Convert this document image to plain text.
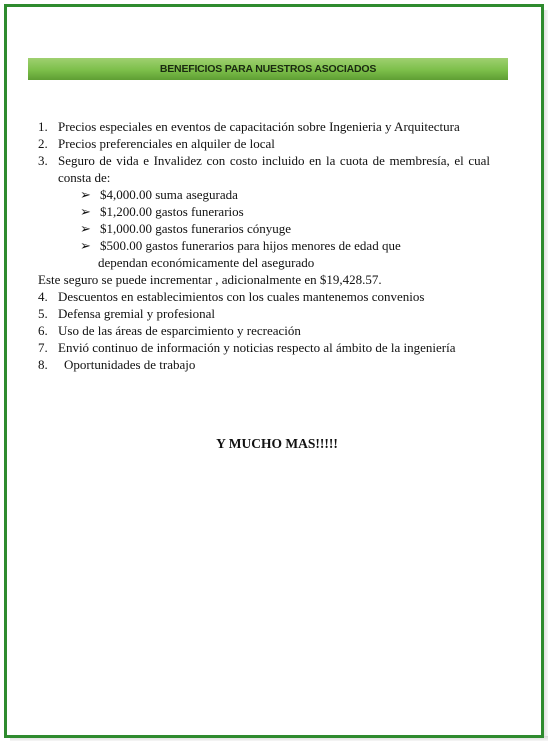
BENEFICIOS PARA NUESTROS ASOCIADOS
1. Precios especiales en eventos de capacitación sobre Ingenieria y Arquitectura
2. Precios preferenciales en alquiler de local
3. Seguro de vida e Invalidez con costo incluido en la cuota de membresía, el cual consta de:
➢ $4,000.00 suma asegurada
➢ $1,200.00 gastos funerarios
➢ $1,000.00 gastos funerarios cónyuge
➢ $500.00 gastos funerarios para hijos menores de edad que
dependan económicamente del asegurado

Este seguro se puede incrementar , adicionalmente en $19,428.57.

4. Descuentos en establecimientos con los cuales mantenemos convenios
5. Defensa gremial y profesional
6. Uso de las áreas de esparcimiento y recreación
7. Envió continuo de información y noticias respecto al ámbito de la ingeniería
8.	Oportunidades de trabajo
Y MUCHO MAS!!!!!
